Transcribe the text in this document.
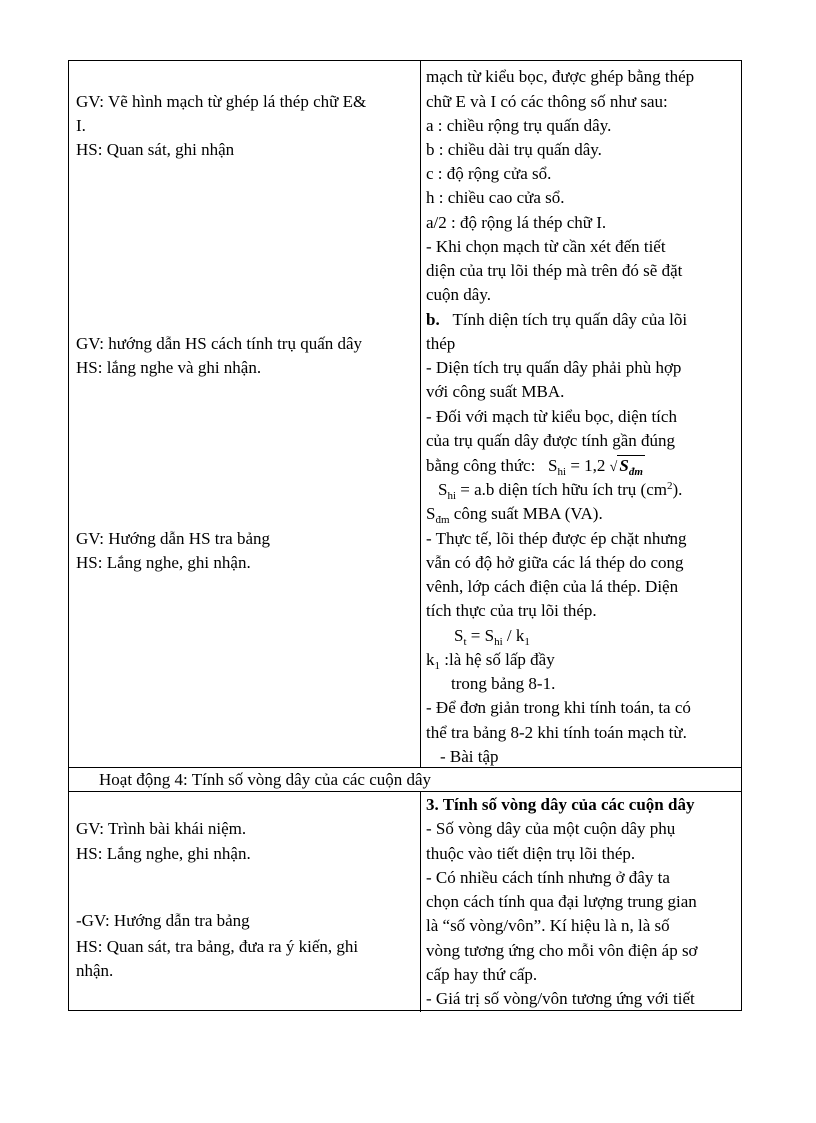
GV: Vẽ hình mạch từ ghép lá thép chữ E&
I.
HS: Quan sát, ghi nhận
GV: hướng dẫn HS cách tính trụ quấn dây
HS: lắng nghe và ghi nhận.
GV: Hướng dẫn HS tra bảng
HS: Lắng nghe, ghi nhận.
mạch từ kiểu bọc, được ghép bằng thép
chữ E và I có các thông số như sau:
a : chiều rộng trụ quấn dây.
b : chiều dài trụ quấn dây.
c : độ rộng cửa sổ.
h : chiều cao cửa sổ.
a/2 : độ rộng lá thép chữ I.
- Khi chọn mạch từ cần xét đến tiết
diện của trụ lõi thép mà trên đó sẽ đặt
cuộn dây.
b. Tính diện tích trụ quấn dây của lõi
thép
- Diện tích trụ quấn dây phải phù hợp
với công suất MBA.
- Đối với mạch từ kiểu bọc, diện tích
của trụ quấn dây được tính gần đúng
bằng công thức: $S_{hi} = 1,2$ √ $S_{đm}$
$S_{hi} = a.b$ diện tích hữu ích trụ $(cm^2)$.
$S_{đm}$ công suất MBA (VA).
- Thực tế, lõi thép được ép chặt nhưng
vẫn có độ hở giữa các lá thép do cong
vênh, lớp cách điện của lá thép. Diện
tích thực của trụ lõi thép.
$S_t = S_{hi} / k_1$
$k_1$ :là hệ số lấp đầy
trong bảng 8-1.
- Để đơn giản trong khi tính toán, ta có
thể tra bảng 8-2 khi tính toán mạch từ.
- Bài tập
Hoạt động 4: Tính số vòng dây của các cuộn dây
GV: Trình bài khái niệm.
HS: Lắng nghe, ghi nhận.
-GV: Hướng dẫn tra bảng
HS: Quan sát, tra bảng, đưa ra ý kiến, ghi
nhận.
3. Tính số vòng dây của các cuộn dây
- Số vòng dây của một cuộn dây phụ
thuộc vào tiết diện trụ lõi thép.
- Có nhiều cách tính nhưng ở đây ta
chọn cách tính qua đại lượng trung gian
là “số vòng/vôn”. Kí hiệu là n, là số
vòng tương ứng cho mỗi vôn điện áp sơ
cấp hay thứ cấp.
- Giá trị số vòng/vôn tương ứng với tiết
